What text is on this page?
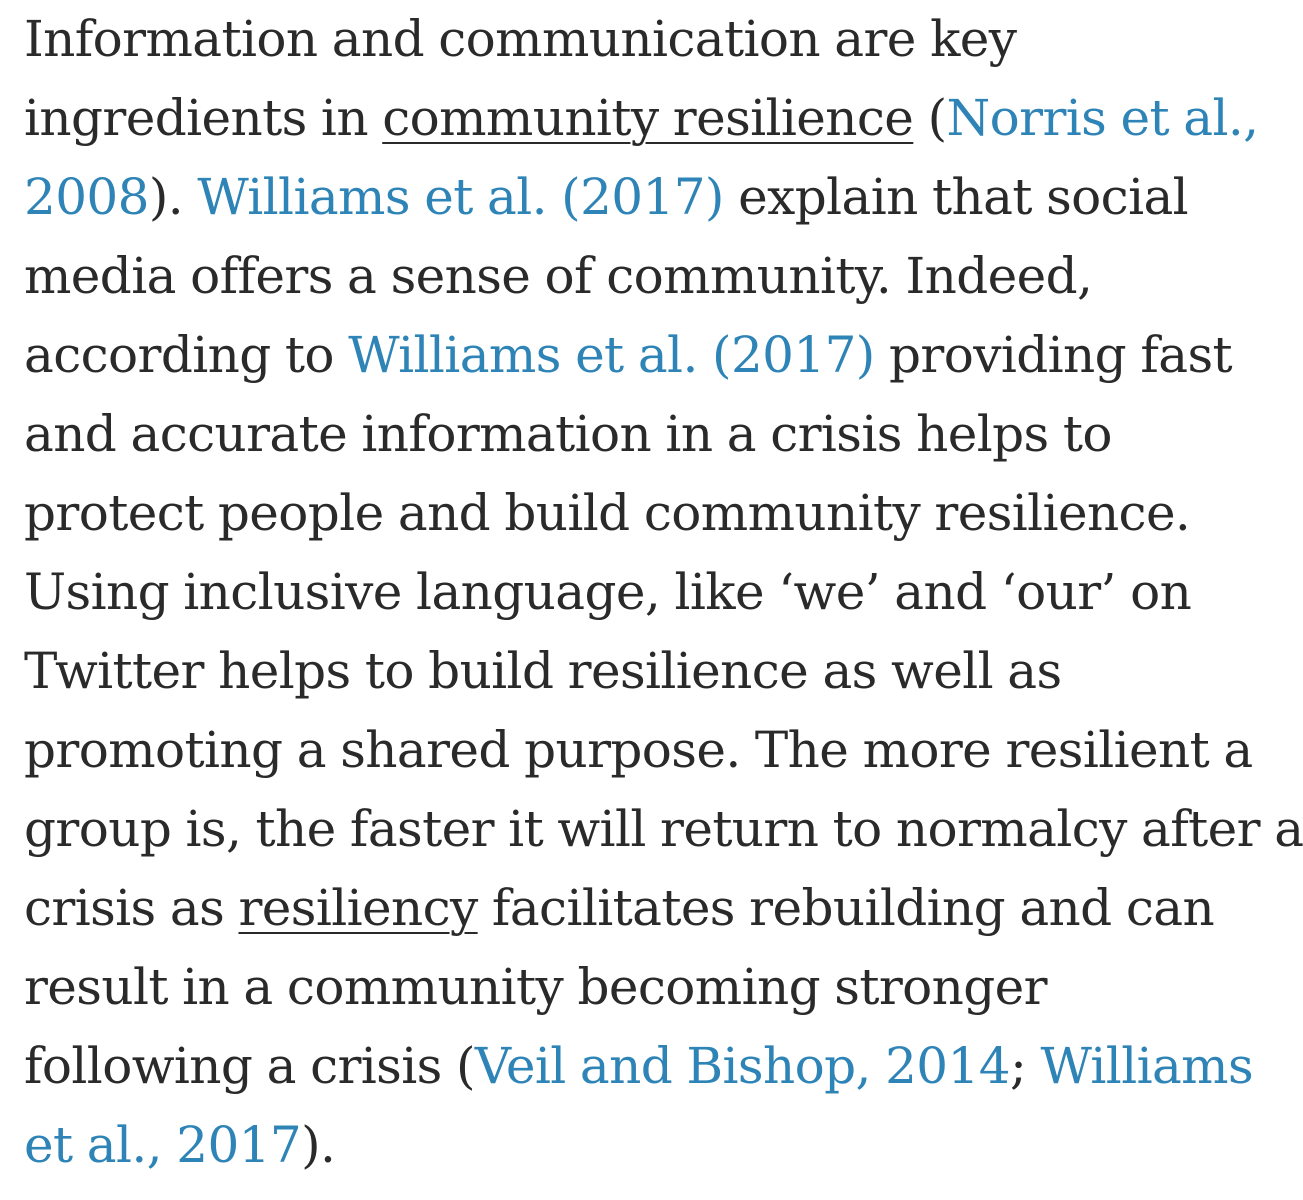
Information and communication are key
ingredients in community resilience (Norris et al.,
2008). Williams et al. (2017) explain that social
media offers a sense of community. Indeed,
according to Williams et al. (2017) providing fast
and accurate information in a crisis helps to
protect people and build community resilience.
Using inclusive language, like ‘we’ and ‘our’ on
Twitter helps to build resilience as well as
promoting a shared purpose. The more resilient a
group is, the faster it will return to normalcy after a
crisis as resiliency facilitates rebuilding and can
result in a community becoming stronger
following a crisis (Veil and Bishop, 2014; Williams
et al., 2017).
